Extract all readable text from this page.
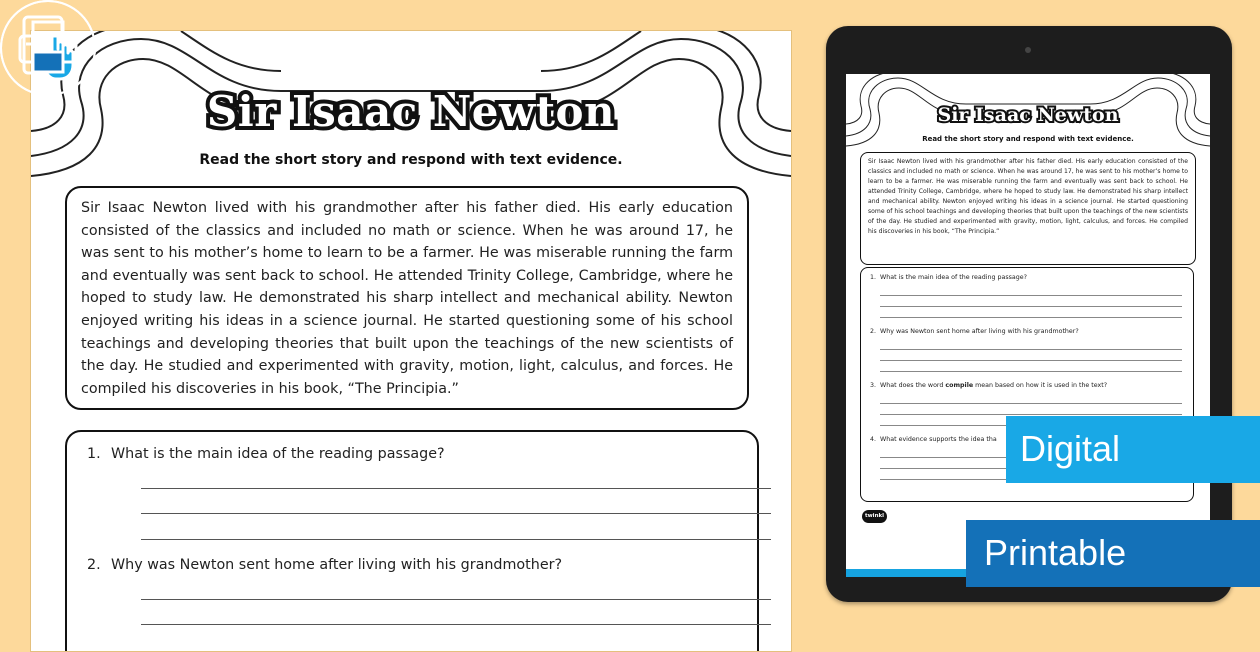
Sir Isaac Newton
Read the short story and respond with text evidence.
Sir Isaac Newton lived with his grandmother after his father died. His early education consisted of the classics and included no math or science. When he was around 17, he was sent to his mother’s home to learn to be a farmer. He was miserable running the farm and eventually was sent back to school. He attended Trinity College, Cambridge, where he hoped to study law. He demonstrated his sharp intellect and mechanical ability. Newton enjoyed writing his ideas in a science journal. He started questioning some of his school teachings and developing theories that built upon the teachings of the new scientists of the day. He studied and experimented with gravity, motion, light, calculus, and forces. He compiled his discoveries in his book, “The Principia.”
1. What is the main idea of the reading passage?
2. Why was Newton sent home after living with his grandmother?
Sir Isaac Newton
Read the short story and respond with text evidence.
Sir Isaac Newton lived with his grandmother after his father died. His early education consisted of the classics and included no math or science. When he was around 17, he was sent to his mother’s home to learn to be a farmer. He was miserable running the farm and eventually was sent back to school. He attended Trinity College, Cambridge, where he hoped to study law. He demonstrated his sharp intellect and mechanical ability. Newton enjoyed writing his ideas in a science journal. He started questioning some of his school teachings and developing theories that built upon the teachings of the new scientists of the day. He studied and experimented with gravity, motion, light, calculus, and forces. He compiled his discoveries in his book, “The Principia.”
1. What is the main idea of the reading passage?
2. Why was Newton sent home after living with his grandmother?
3. What does the word compile mean based on how it is used in the text?
4. What evidence supports the idea tha
twinkl
Digital
Printable
